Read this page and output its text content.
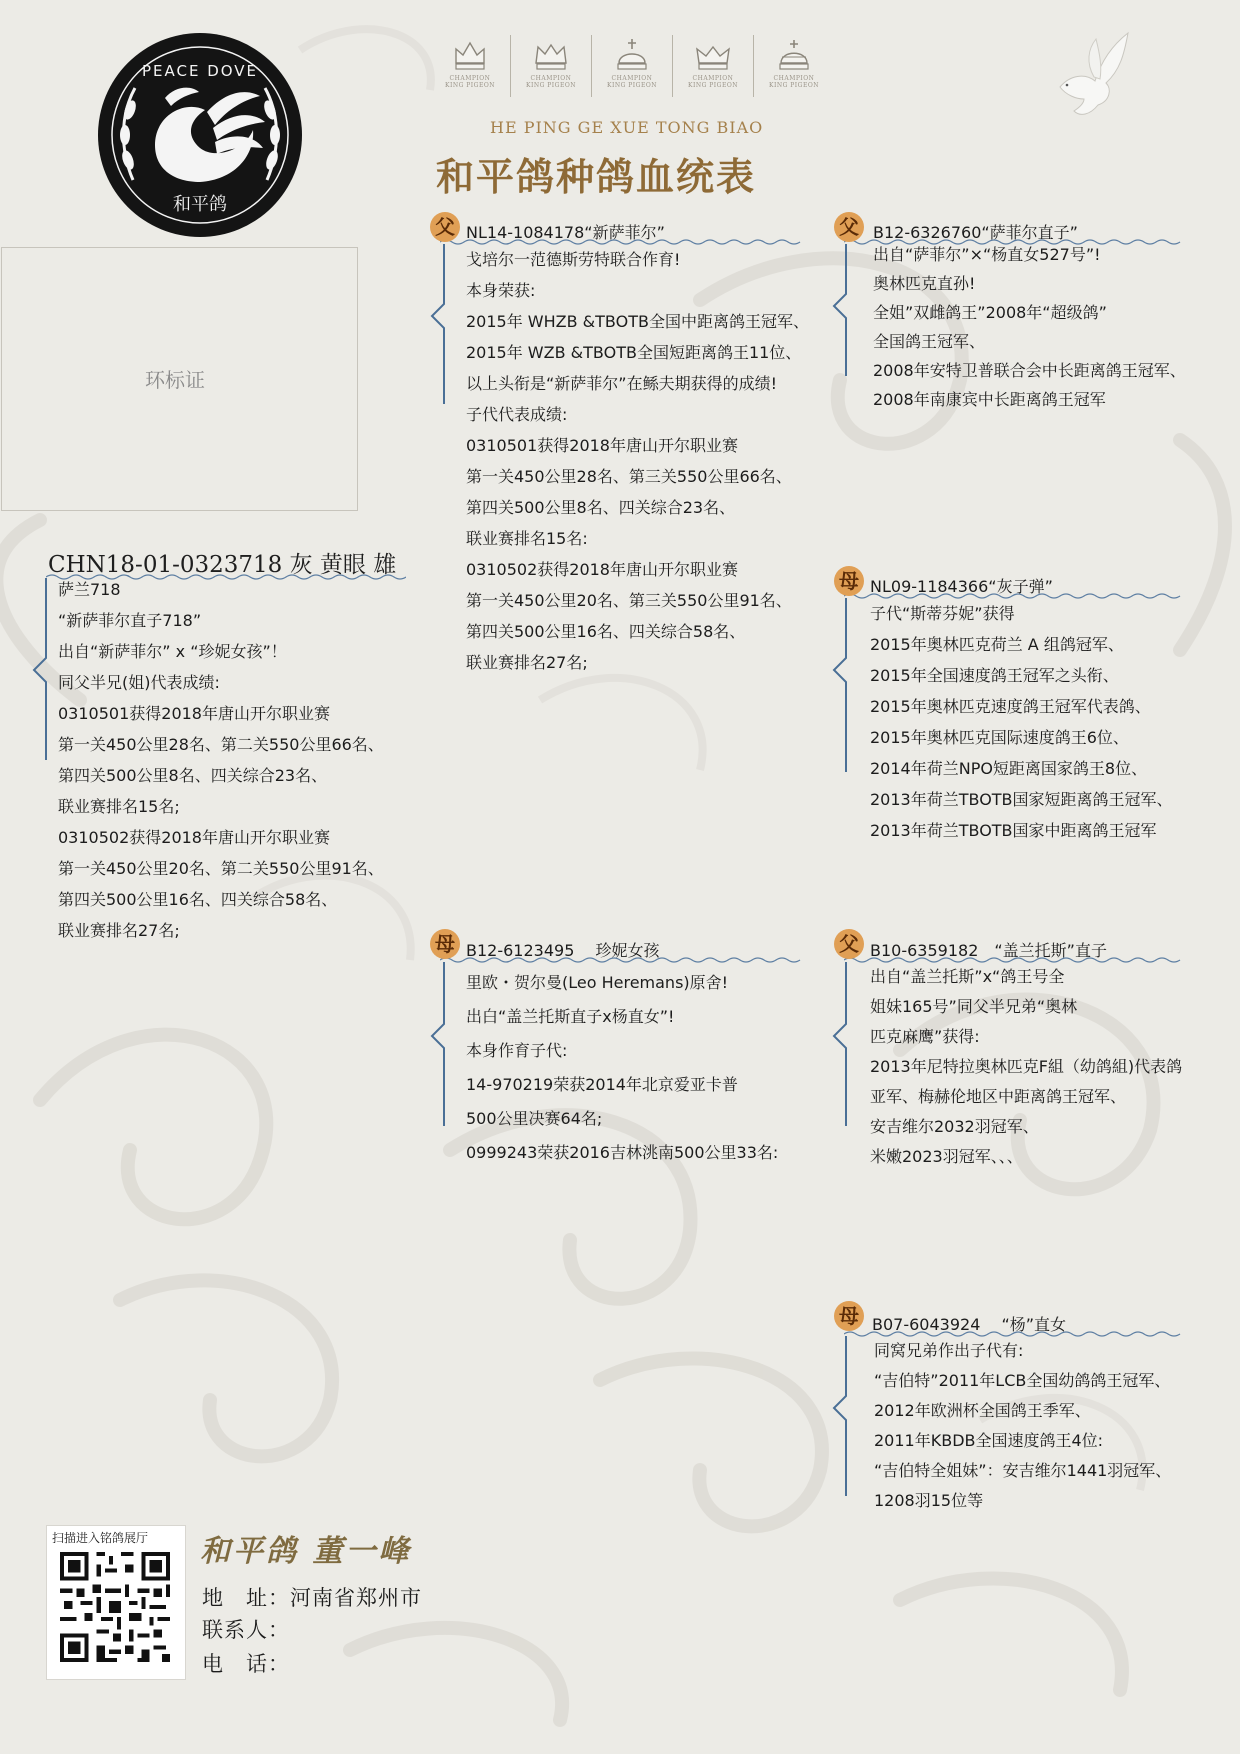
PEACE DOVE
和平鸽
CHAMPION
KING PIGEON
CHAMPION
KING PIGEON
CHAMPION
KING PIGEON
CHAMPION
KING PIGEON
CHAMPION
KING PIGEON
HE PING GE XUE TONG BIAO
和平鸽种鸽血统表
环标证
CHN18-01-0323718 灰 黄眼 雄
萨兰718
“新萨菲尔直子718”
出自“新萨菲尔” x “珍妮女孩”！
同父半兄(姐)代表成绩:
0310501获得2018年唐山开尔职业赛
第一关450公里28名、第二关550公里66名、
第四关500公里8名、四关综合23名、
联业赛排名15名;
0310502获得2018年唐山开尔职业赛
第一关450公里20名、第二关550公里91名、
第四关500公里16名、四关综合58名、
联业赛排名27名;
父 NL14-1084178“新萨菲尔”
戈培尔一范德斯劳特联合作育!
本身荣获:
2015年 WHZB &TBOTB全国中距离鸽王冠军、
2015年 WZB &TBOTB全国短距离鸽王11位、
以上头衔是“新萨菲尔”在鲧夫期获得的成绩!
子代代表成绩:
0310501获得2018年唐山开尔职业赛
第一关450公里28名、第三关550公里66名、
第四关500公里8名、四关综合23名、
联业赛排名15名:
0310502获得2018年唐山开尔职业赛
第一关450公里20名、第三关550公里91名、
第四关500公里16名、四关综合58名、
联业赛排名27名;
母 B12-6123495　 珍妮女孩
里欧・贺尔曼(Leo Heremans)原舍!
出白“盖兰托斯直子x杨直女”!
本身作育子代:
14-970219荣获2014年北京爱亚卡普
500公里决赛64名;
0999243荣获2016吉林洮南500公里33名:
父 B12-6326760“萨菲尔直子”
出自“萨菲尔”×“杨直女527号”!
奥林匹克直孙!
全姐”双雌鸽王”2008年“超级鸽”
全国鸽王冠军、
2008年安特卫普联合会中长距离鸽王冠军、
2008年南康宾中长距离鸽王冠军
母 NL09-1184366“灰子弹”
子代“斯蒂芬妮”获得
2015年奥林匹克荷兰 A 组鸽冠军、
2015年全国速度鸽王冠军之头衔、
2015年奥林匹克速度鸽王冠军代表鸽、
2015年奥林匹克国际速度鸽王6位、
2014年荷兰NPO短距离国家鸽王8位、
2013年荷兰TBOTB国家短距离鸽王冠军、
2013年荷兰TBOTB国家中距离鸽王冠军
父 B10-6359182　“盖兰托斯”直子
出自“盖兰托斯”x“鸽王号全
姐妹165号”同父半兄弟“奥林
匹克麻鹰”获得:
2013年尼特拉奥林匹克F組（幼鸽組)代表鸽
亚军、梅赫伦地区中距离鸽王冠军、
安吉维尔2032羽冠军、
米嫩2023羽冠军、、、
母 B07-6043924　 “杨”直女
同窝兄弟作出子代有:
“吉伯特”2011年LCB全国幼鸽鸽王冠军、
2012年欧洲杯全国鸽王季军、
2011年KBDB全国速度鸽王4位:
“吉伯特全姐妹”：安吉维尔1441羽冠军、
1208羽15位等
扫描进入铭鸽展厅 和平鸽 董一峰
地　址：河南省郑州市
联系人：
电　话：
